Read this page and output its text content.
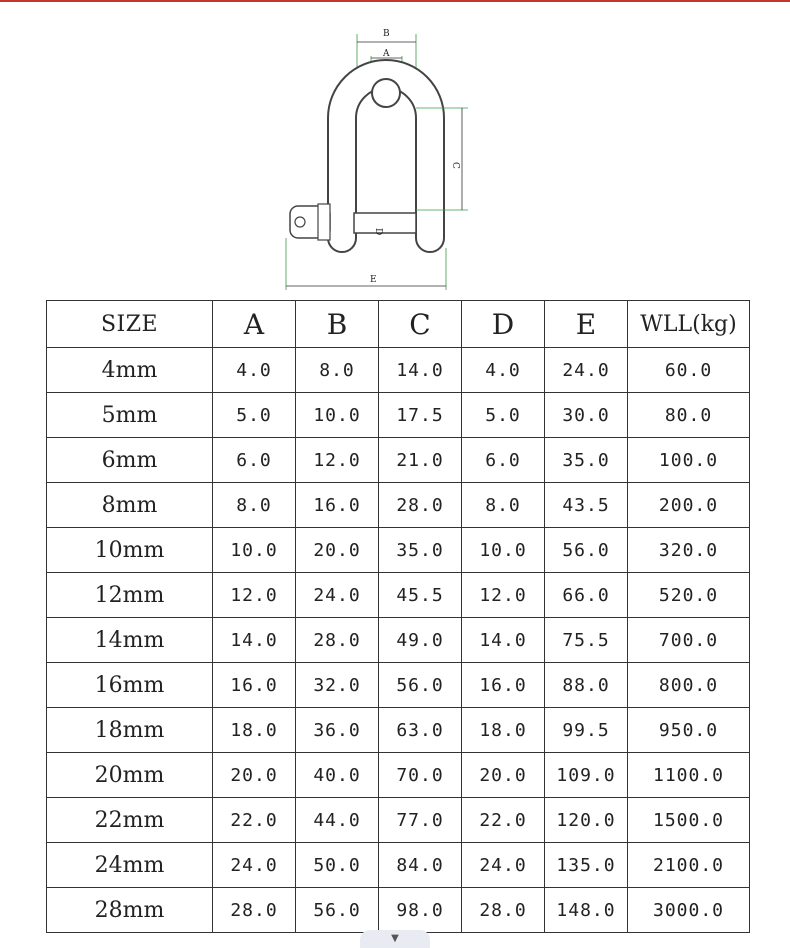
B
A
C
D
E
SIZE	A	B	C	D	E	WLL(kg)
4mm	4.0	8.0	14.0	4.0	24.0	60.0
5mm	5.0	10.0	17.5	5.0	30.0	80.0
6mm	6.0	12.0	21.0	6.0	35.0	100.0
8mm	8.0	16.0	28.0	8.0	43.5	200.0
10mm	10.0	20.0	35.0	10.0	56.0	320.0
12mm	12.0	24.0	45.5	12.0	66.0	520.0
14mm	14.0	28.0	49.0	14.0	75.5	700.0
16mm	16.0	32.0	56.0	16.0	88.0	800.0
18mm	18.0	36.0	63.0	18.0	99.5	950.0
20mm	20.0	40.0	70.0	20.0	109.0	1100.0
22mm	22.0	44.0	77.0	22.0	120.0	1500.0
24mm	24.0	50.0	84.0	24.0	135.0	2100.0
28mm	28.0	56.0	98.0	28.0	148.0	3000.0
▼
